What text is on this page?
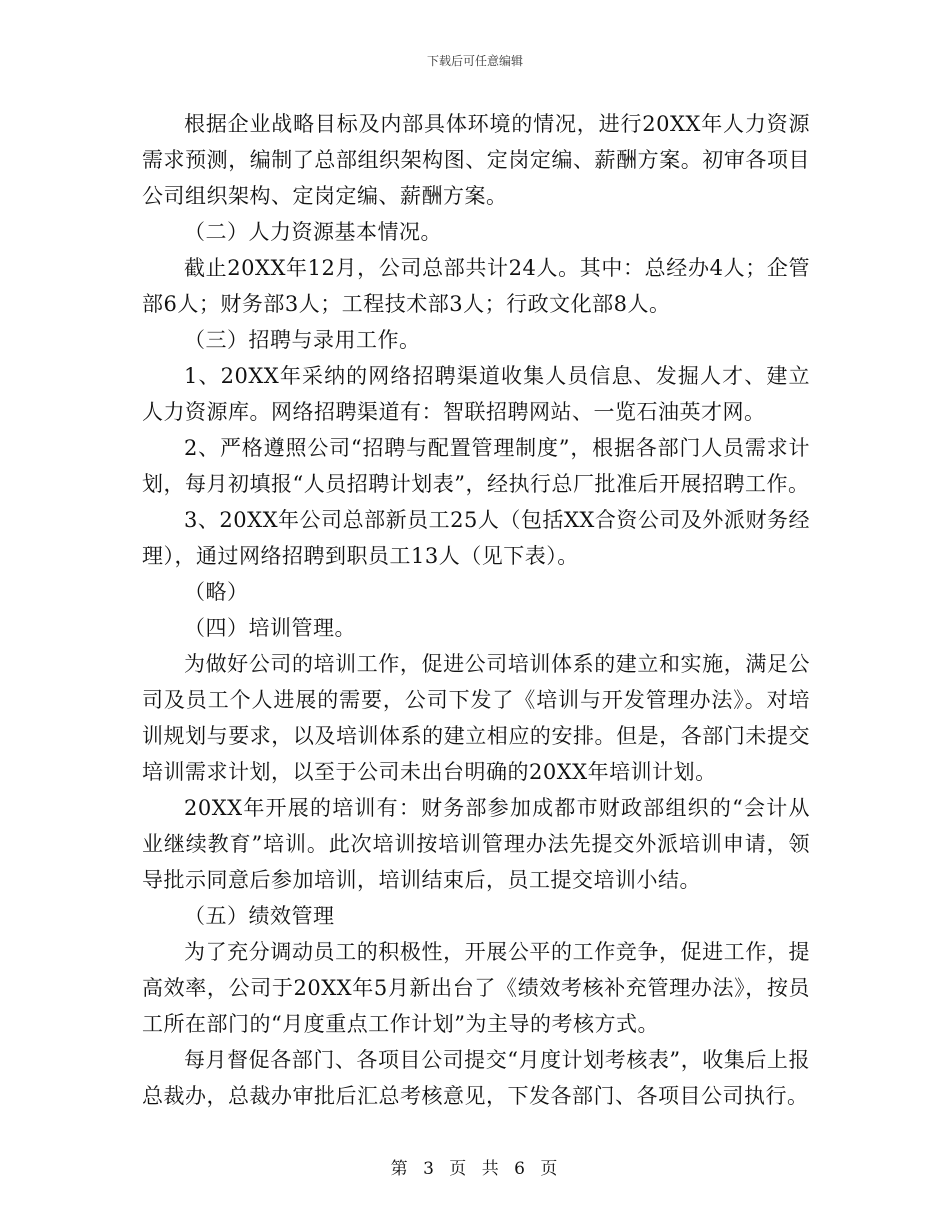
下载后可任意编辑

根据企业战略目标及内部具体环境的情况，进行20XX年人力资源需求预测，编制了总部组织架构图、定岗定编、薪酬方案。初审各项目公司组织架构、定岗定编、薪酬方案。

（二）人力资源基本情况。

截止20XX年12月，公司总部共计24人。其中：总经办4人；企管部6人；财务部3人；工程技术部3人；行政文化部8人。

（三）招聘与录用工作。

1、20XX年采纳的网络招聘渠道收集人员信息、发掘人才、建立人力资源库。网络招聘渠道有：智联招聘网站、一览石油英才网。

2、严格遵照公司“招聘与配置管理制度”，根据各部门人员需求计划，每月初填报“人员招聘计划表”，经执行总厂批准后开展招聘工作。

3、20XX年公司总部新员工25人（包括XX合资公司及外派财务经理），通过网络招聘到职员工13人（见下表）。

（略）

（四）培训管理。

为做好公司的培训工作，促进公司培训体系的建立和实施，满足公司及员工个人进展的需要，公司下发了《培训与开发管理办法》。对培训规划与要求，以及培训体系的建立相应的安排。但是，各部门未提交培训需求计划，以至于公司未出台明确的20XX年培训计划。

20XX年开展的培训有：财务部参加成都市财政部组织的“会计从业继续教育”培训。此次培训按培训管理办法先提交外派培训申请，领导批示同意后参加培训，培训结束后，员工提交培训小结。

（五）绩效管理

为了充分调动员工的积极性，开展公平的工作竞争，促进工作，提高效率，公司于20XX年5月新出台了《绩效考核补充管理办法》，按员工所在部门的“月度重点工作计划”为主导的考核方式。

每月督促各部门、各项目公司提交“月度计划考核表”，收集后上报总裁办，总裁办审批后汇总考核意见，下发各部门、各项目公司执行。

第 3 页 共 6 页
